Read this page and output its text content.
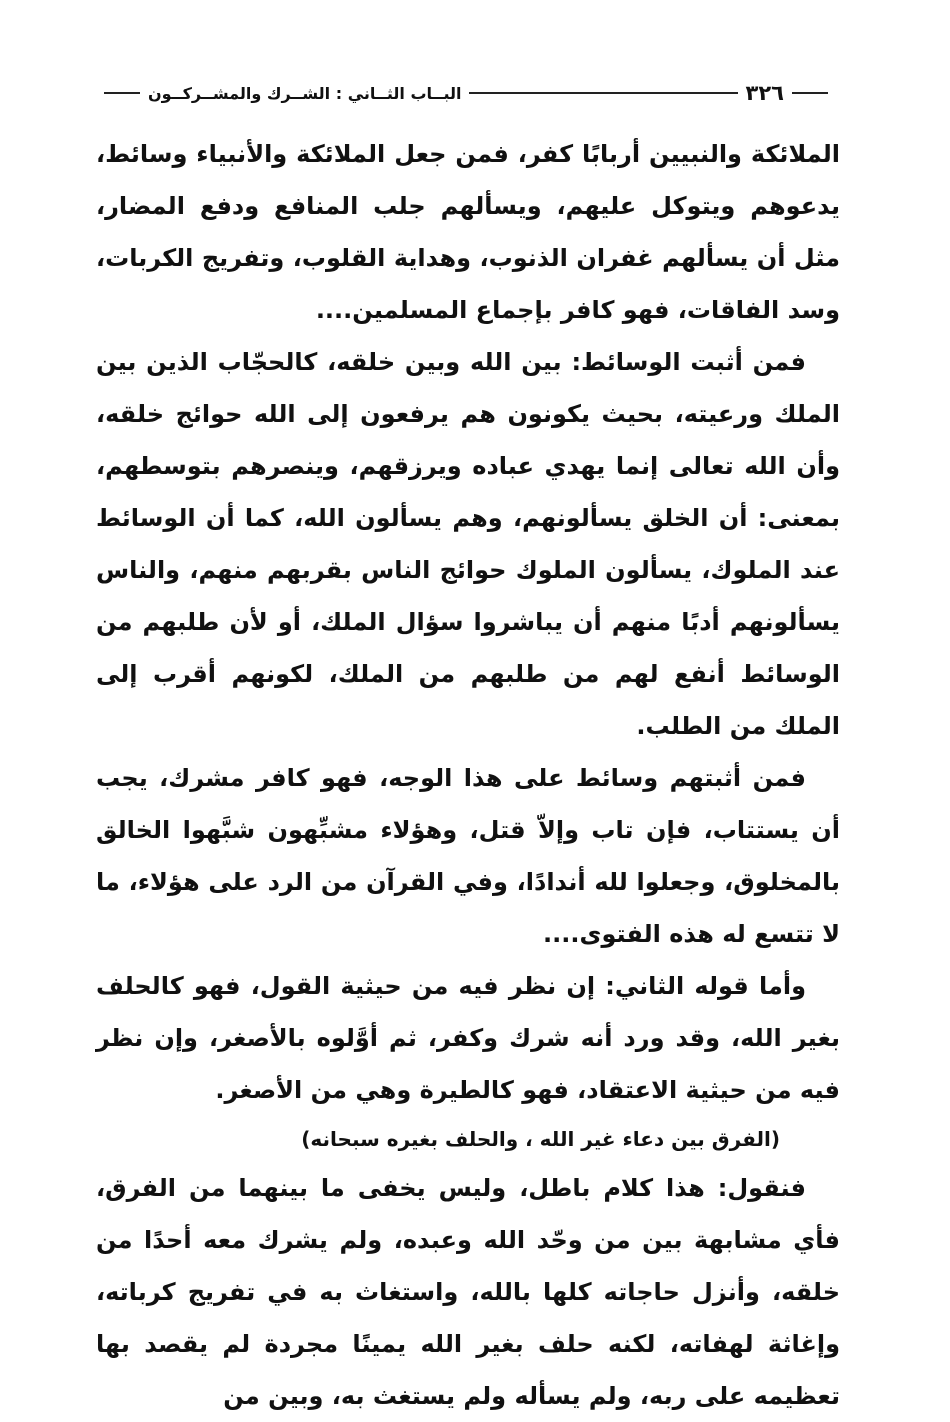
٣٢٦
البــاب الثــاني : الشــرك والمشــركــون

الملائكة والنبيين أربابًا كفر، فمن جعل الملائكة والأنبياء وسائط، يدعوهم ويتوكل عليهم، ويسألهم جلب المنافع ودفع المضار، مثل أن يسألهم غفران الذنوب، وهداية القلوب، وتفريج الكربات، وسد الفاقات، فهو كافر بإجماع المسلمين....

فمن أثبت الوسائط: بين الله وبين خلقه، كالحجّاب الذين بين الملك ورعيته، بحيث يكونون هم يرفعون إلى الله حوائج خلقه، وأن الله تعالى إنما يهدي عباده ويرزقهم، وينصرهم بتوسطهم، بمعنى: أن الخلق يسألونهم، وهم يسألون الله، كما أن الوسائط عند الملوك، يسألون الملوك حوائج الناس بقربهم منهم، والناس يسألونهم أدبًا منهم أن يباشروا سؤال الملك، أو لأن طلبهم من الوسائط أنفع لهم من طلبهم من الملك، لكونهم أقرب إلى الملك من الطلب.

فمن أثبتهم وسائط على هذا الوجه، فهو كافر مشرك، يجب أن يستتاب، فإن تاب وإلاّ قتل، وهؤلاء مشبِّهون شبَّهوا الخالق بالمخلوق، وجعلوا لله أندادًا، وفي القرآن من الرد على هؤلاء، ما لا تتسع له هذه الفتوى....

وأما قوله الثاني: إن نظر فيه من حيثية القول، فهو كالحلف بغير الله، وقد ورد أنه شرك وكفر، ثم أوَّلوه بالأصغر، وإن نظر فيه من حيثية الاعتقاد، فهو كالطيرة وهي من الأصغر.

(الفرق بين دعاء غير الله ، والحلف بغيره سبحانه)

فنقول: هذا كلام باطل، وليس يخفى ما بينهما من الفرق، فأي مشابهة بين من وحّد الله وعبده، ولم يشرك معه أحدًا من خلقه، وأنزل حاجاته كلها بالله، واستغاث به في تفريج كرباته، وإغاثة لهفاته، لكنه حلف بغير الله يمينًا مجردة لم يقصد بها تعظيمه على ربه، ولم يسأله ولم يستغث به، وبين من
